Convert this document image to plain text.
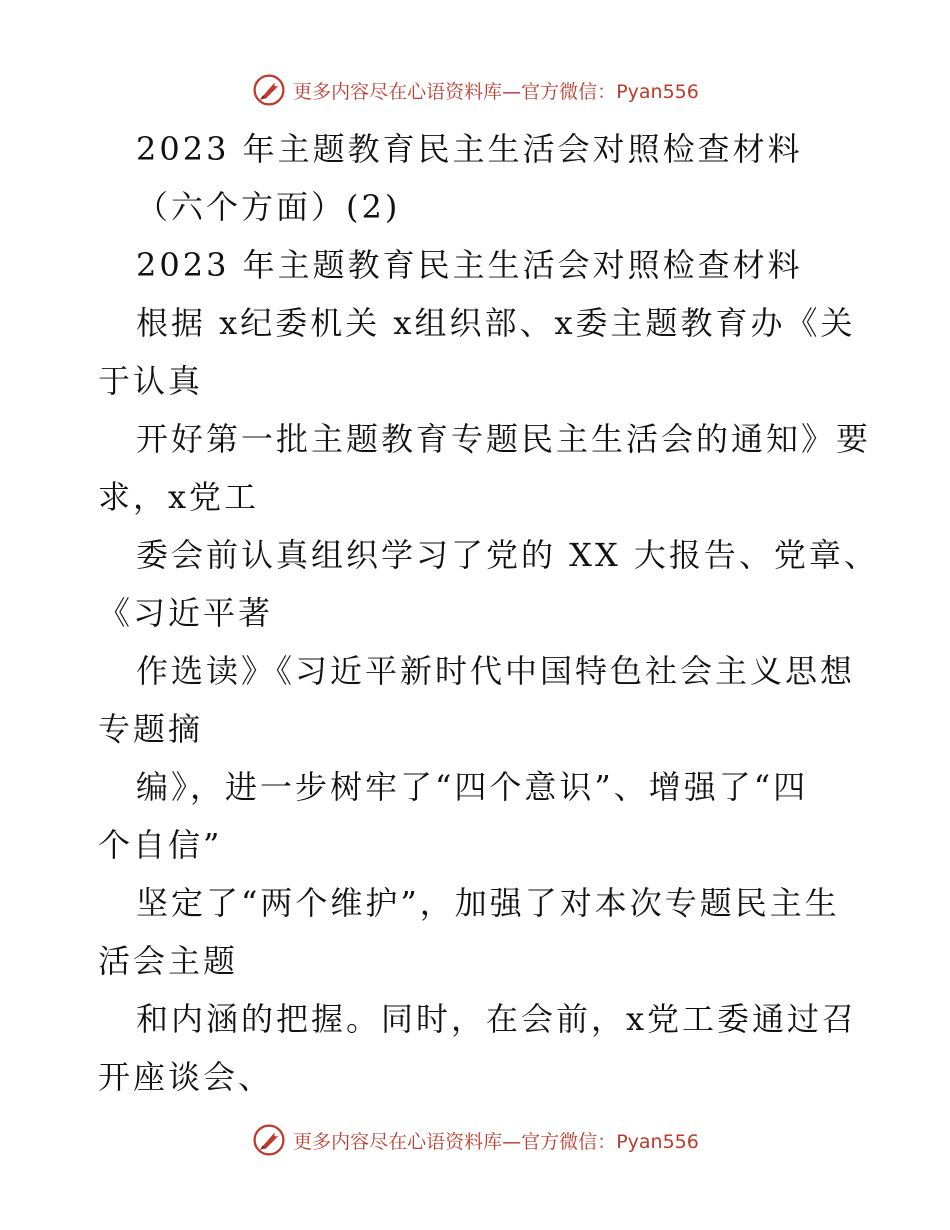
更多内容尽在心语资料库—官方微信：Pyan556
2023 年主题教育民主生活会对照检查材料
（六个方面）(2)
2023 年主题教育民主生活会对照检查材料
根据 x纪委机关 x组织部、x委主题教育办《关
于认真
开好第一批主题教育专题民主生活会的通知》要
求，x党工
委会前认真组织学习了党的 XX 大报告、党章、
《习近平著
作选读》《习近平新时代中国特色社会主义思想
专题摘
编》，进一步树牢了“四个意识”、增强了“四
个自信”
坚定了“两个维护”，加强了对本次专题民主生
活会主题
和内涵的把握。同时，在会前，x党工委通过召
开座谈会、
更多内容尽在心语资料库—官方微信：Pyan556
